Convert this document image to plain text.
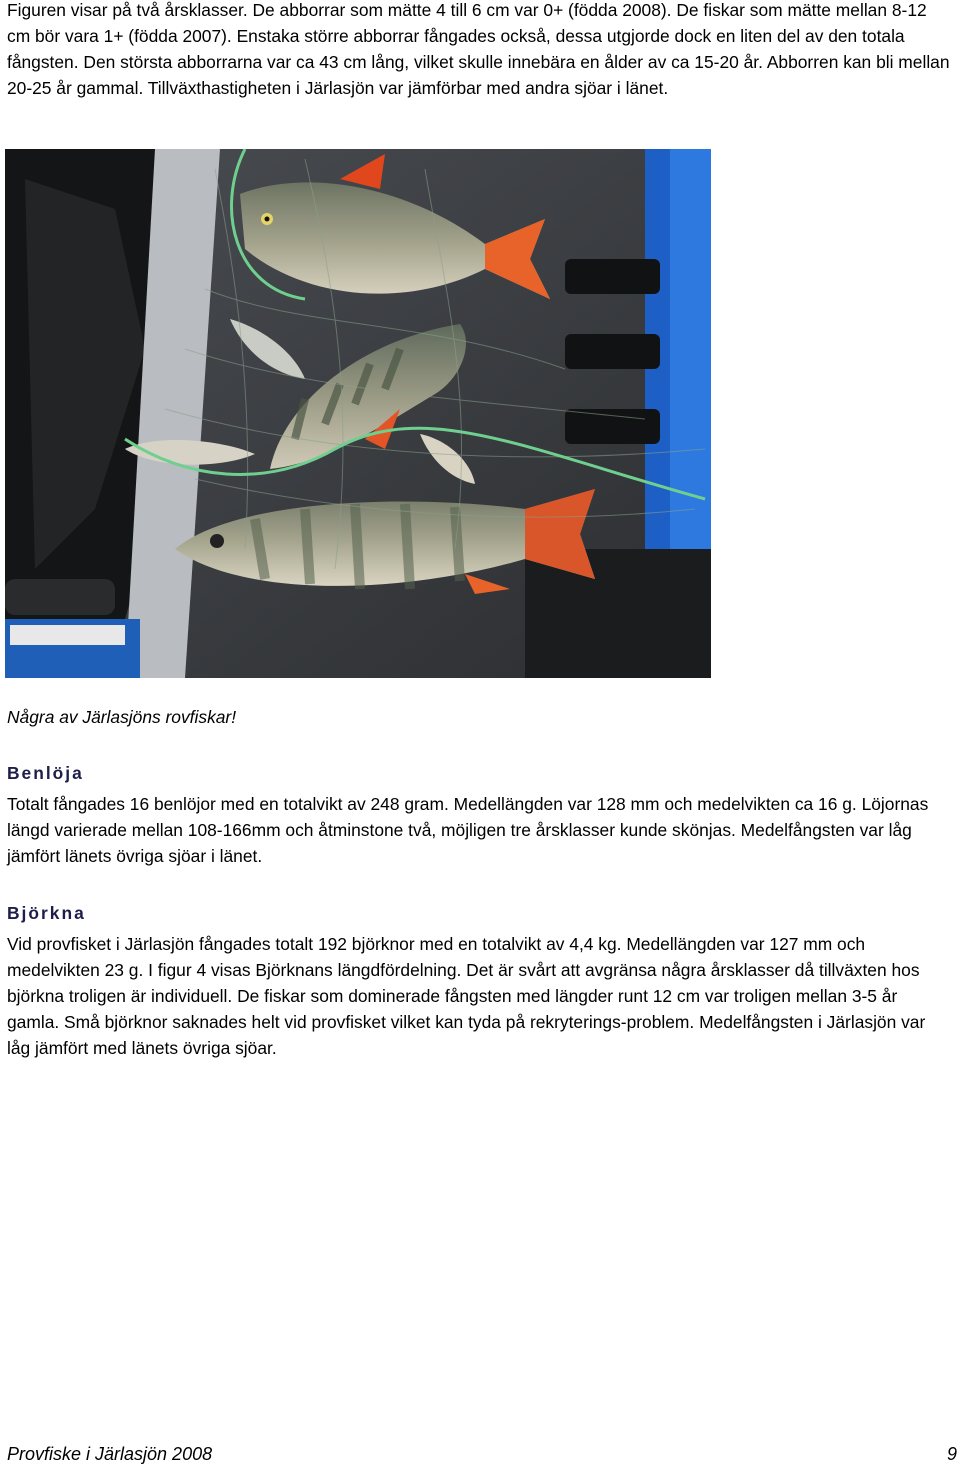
Figuren visar på två årsklasser. De abborrar som mätte 4 till 6 cm var 0+ (födda 2008). De fiskar som mätte mellan 8-12 cm bör vara 1+ (födda 2007). Enstaka större abborrar fångades också, dessa utgjorde dock en liten del av den totala fångsten. Den största abborrarna var ca 43 cm lång, vilket skulle innebära en ålder av ca 15-20 år. Abborren kan bli mellan 20-25 år gammal. Tillväxthastigheten i Järlasjön var jämförbar med andra sjöar i länet.

Några av Järlasjöns rovfiskar!
Benlöja

Totalt fångades 16 benlöjor med en totalvikt av 248 gram. Medellängden var 128 mm och medelvikten ca 16 g. Löjornas längd varierade mellan 108-166mm och åtminstone två, möjligen tre årsklasser kunde skönjas. Medelfångsten var låg jämfört länets övriga sjöar i länet.

Björkna

Vid provfisket i Järlasjön fångades totalt 192 björknor med en totalvikt av 4,4 kg. Medellängden var 127 mm och medelvikten 23 g. I figur 4 visas Björknans längdfördelning. Det är svårt att avgränsa några årsklasser då tillväxten hos björkna troligen är individuell. De fiskar som dominerade fångsten med längder runt 12 cm var troligen mellan 3-5 år gamla. Små björknor saknades helt vid provfisket vilket kan tyda på rekryterings-problem. Medelfångsten i Järlasjön var låg jämfört med länets övriga sjöar.

Provfiske i Järlasjön 2008	9
